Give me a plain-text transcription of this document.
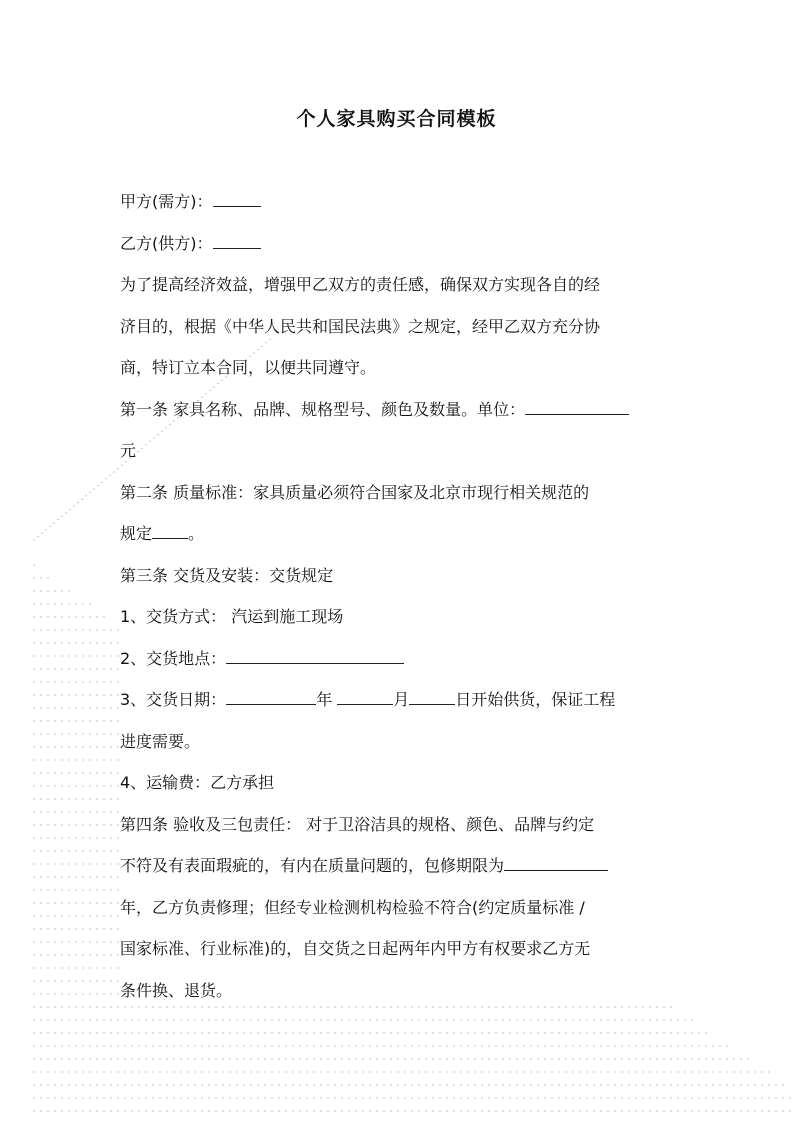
个人家具购买合同模板
甲方(需方)：
乙方(供方)：
为了提高经济效益，增强甲乙双方的责任感，确保双方实现各自的经
济目的，根据《中华人民共和国民法典》之规定，经甲乙双方充分协
商，特订立本合同，以便共同遵守。
第一条 家具名称、品牌、规格型号、颜色及数量。单位：
元
第二条 质量标准：家具质量必须符合国家及北京市现行相关规范的
规定 。
第三条 交货及安装：交货规定
1、交货方式： 汽运到施工现场
2、交货地点：
3、交货日期：	年	月	日开始供货，保证工程
进度需要。
4、运输费：乙方承担
第四条 验收及三包责任： 对于卫浴洁具的规格、颜色、品牌与约定
不符及有表面瑕疵的，有内在质量问题的，包修期限为
年，乙方负责修理；但经专业检测机构检验不符合(约定质量标准 /
国家标准、行业标准)的，自交货之日起两年内甲方有权要求乙方无
条件换、退货。
